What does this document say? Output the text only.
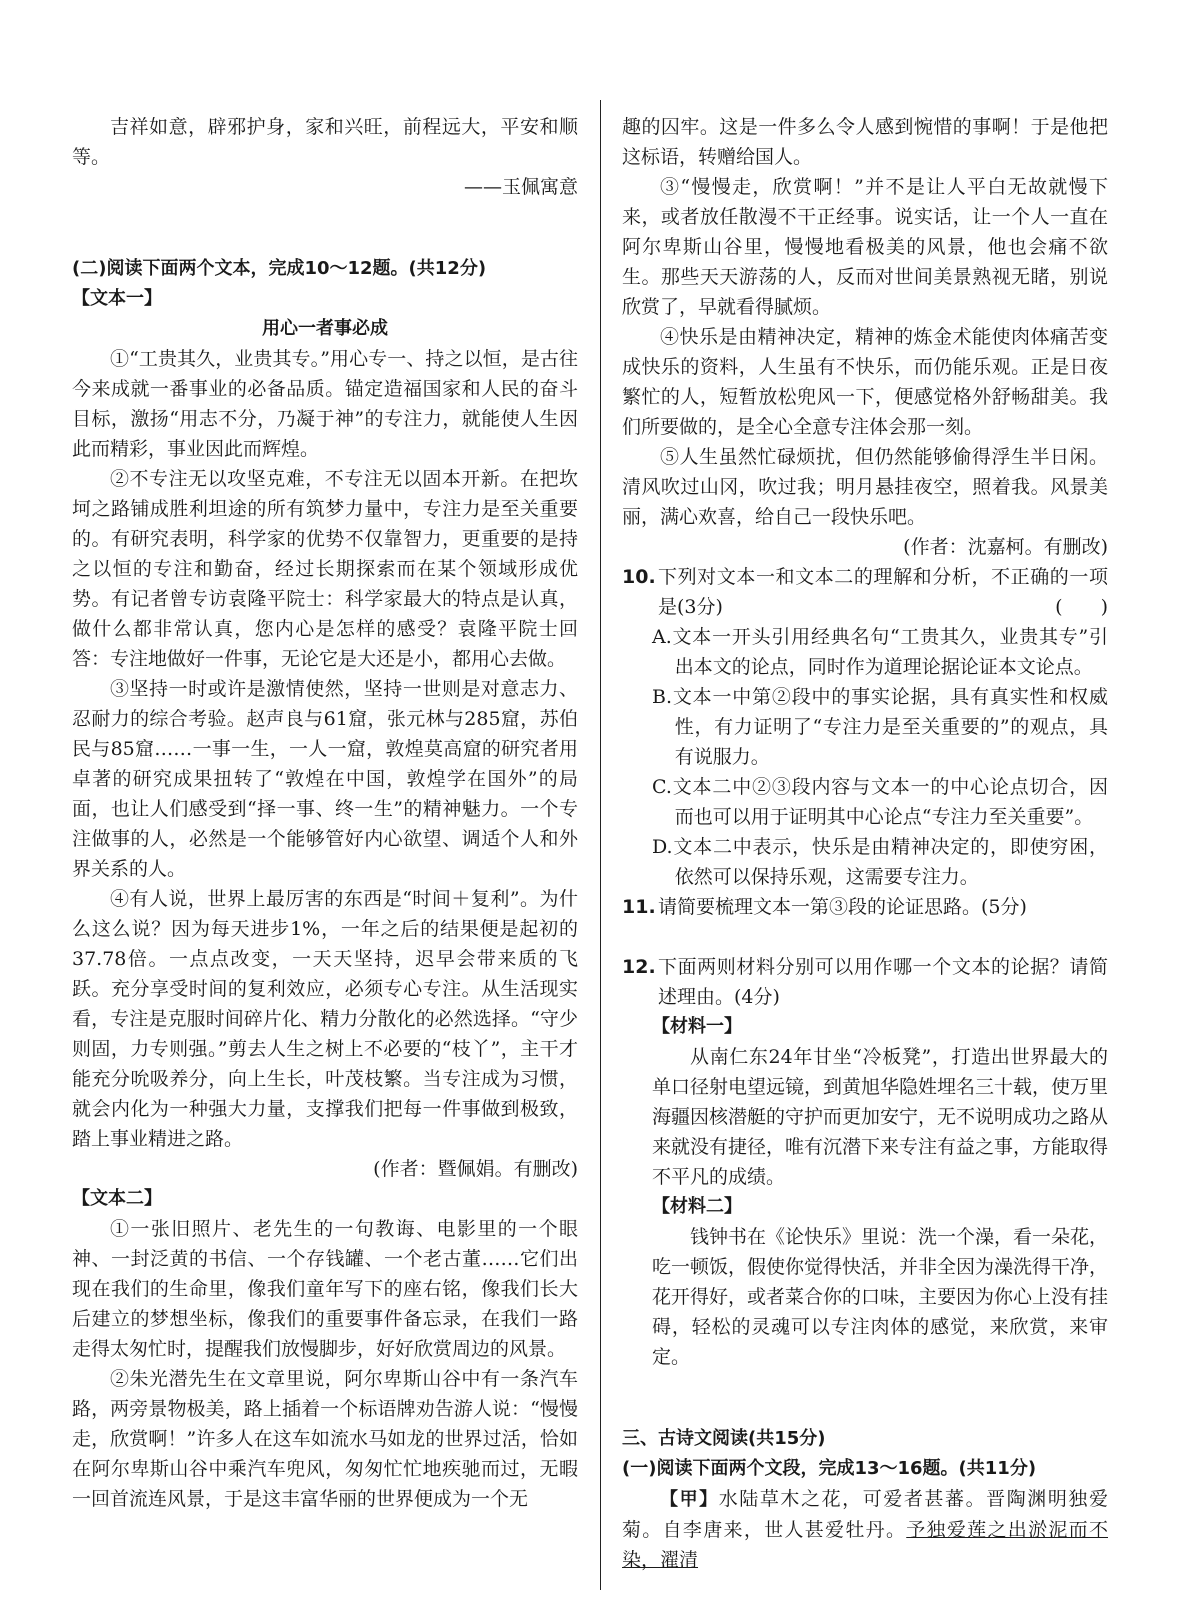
吉祥如意，辟邪护身，家和兴旺，前程远大，平安和顺等。

——玉佩寓意

(二)阅读下面两个文本，完成10～12题。(共12分)

【文本一】

用心一者事必成

①“工贵其久，业贵其专。”用心专一、持之以恒，是古往今来成就一番事业的必备品质。锚定造福国家和人民的奋斗目标，激扬“用志不分，乃凝于神”的专注力，就能使人生因此而精彩，事业因此而辉煌。

②不专注无以攻坚克难，不专注无以固本开新。在把坎坷之路铺成胜利坦途的所有筑梦力量中，专注力是至关重要的。有研究表明，科学家的优势不仅靠智力，更重要的是持之以恒的专注和勤奋，经过长期探索而在某个领域形成优势。有记者曾专访袁隆平院士：科学家最大的特点是认真，做什么都非常认真，您内心是怎样的感受？袁隆平院士回答：专注地做好一件事，无论它是大还是小，都用心去做。

③坚持一时或许是激情使然，坚持一世则是对意志力、忍耐力的综合考验。赵声良与61窟，张元林与285窟，苏伯民与85窟……一事一生，一人一窟，敦煌莫高窟的研究者用卓著的研究成果扭转了“敦煌在中国，敦煌学在国外”的局面，也让人们感受到“择一事、终一生”的精神魅力。一个专注做事的人，必然是一个能够管好内心欲望、调适个人和外界关系的人。

④有人说，世界上最厉害的东西是“时间＋复利”。为什么这么说？因为每天进步1%，一年之后的结果便是起初的37.78倍。一点点改变，一天天坚持，迟早会带来质的飞跃。充分享受时间的复利效应，必须专心专注。从生活现实看，专注是克服时间碎片化、精力分散化的必然选择。“守少则固，力专则强。”剪去人生之树上不必要的“枝丫”，主干才能充分吮吸养分，向上生长，叶茂枝繁。当专注成为习惯，就会内化为一种强大力量，支撑我们把每一件事做到极致，踏上事业精进之路。

(作者：暨佩娟。有删改)

【文本二】

①一张旧照片、老先生的一句教诲、电影里的一个眼神、一封泛黄的书信、一个存钱罐、一个老古董……它们出现在我们的生命里，像我们童年写下的座右铭，像我们长大后建立的梦想坐标，像我们的重要事件备忘录，在我们一路走得太匆忙时，提醒我们放慢脚步，好好欣赏周边的风景。

②朱光潜先生在文章里说，阿尔卑斯山谷中有一条汽车路，两旁景物极美，路上插着一个标语牌劝告游人说：“慢慢走，欣赏啊！”许多人在这车如流水马如龙的世界过活，恰如在阿尔卑斯山谷中乘汽车兜风，匆匆忙忙地疾驰而过，无暇一回首流连风景，于是这丰富华丽的世界便成为一个无

趣的囚牢。这是一件多么令人感到惋惜的事啊！于是他把这标语，转赠给国人。

③“慢慢走，欣赏啊！”并不是让人平白无故就慢下来，或者放任散漫不干正经事。说实话，让一个人一直在阿尔卑斯山谷里，慢慢地看极美的风景，他也会痛不欲生。那些天天游荡的人，反而对世间美景熟视无睹，别说欣赏了，早就看得腻烦。

④快乐是由精神决定，精神的炼金术能使肉体痛苦变成快乐的资料，人生虽有不快乐，而仍能乐观。正是日夜繁忙的人，短暂放松兜风一下，便感觉格外舒畅甜美。我们所要做的，是全心全意专注体会那一刻。

⑤人生虽然忙碌烦扰，但仍然能够偷得浮生半日闲。清风吹过山冈，吹过我；明月悬挂夜空，照着我。风景美丽，满心欢喜，给自己一段快乐吧。

(作者：沈嘉柯。有删改)

10. 下列对文本一和文本二的理解和分析，不正确的一项是(3分)	(　　)

A.文本一开头引用经典名句“工贵其久，业贵其专”引出本文的论点，同时作为道理论据论证本文论点。

B.文本一中第②段中的事实论据，具有真实性和权威性，有力证明了“专注力是至关重要的”的观点，具有说服力。

C.文本二中②③段内容与文本一的中心论点切合，因而也可以用于证明其中心论点“专注力至关重要”。

D.文本二中表示，快乐是由精神决定的，即使穷困，依然可以保持乐观，这需要专注力。

11. 请简要梳理文本一第③段的论证思路。(5分)

12. 下面两则材料分别可以用作哪一个文本的论据？请简述理由。(4分)

【材料一】

从南仁东24年甘坐“冷板凳”，打造出世界最大的单口径射电望远镜，到黄旭华隐姓埋名三十载，使万里海疆因核潜艇的守护而更加安宁，无不说明成功之路从来就没有捷径，唯有沉潜下来专注有益之事，方能取得不平凡的成绩。

【材料二】

钱钟书在《论快乐》里说：洗一个澡，看一朵花，吃一顿饭，假使你觉得快活，并非全因为澡洗得干净，花开得好，或者菜合你的口味，主要因为你心上没有挂碍，轻松的灵魂可以专注肉体的感觉，来欣赏，来审定。

三、古诗文阅读(共15分)

(一)阅读下面两个文段，完成13～16题。(共11分)

【甲】水陆草木之花，可爱者甚蕃。晋陶渊明独爱菊。自李唐来，世人甚爱牡丹。予独爱莲之出淤泥而不染，濯清
